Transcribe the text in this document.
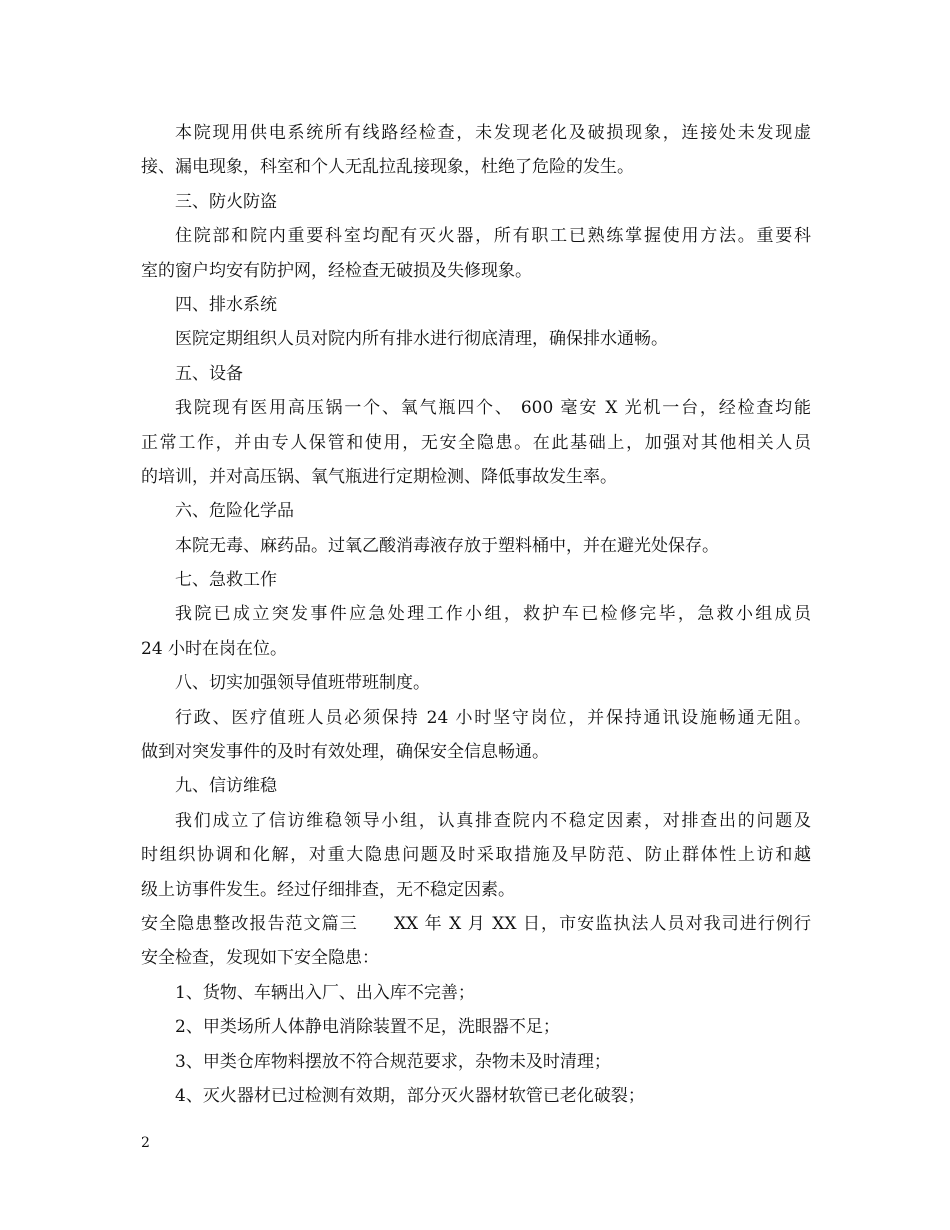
本院现用供电系统所有线路经检查，未发现老化及破损现象，连接处未发现虚
接、漏电现象，科室和个人无乱拉乱接现象，杜绝了危险的发生。
三、防火防盗
住院部和院内重要科室均配有灭火器，所有职工已熟练掌握使用方法。重要科
室的窗户均安有防护网，经检查无破损及失修现象。
四、排水系统
医院定期组织人员对院内所有排水进行彻底清理，确保排水通畅。
五、设备
我院现有医用高压锅一个、氧气瓶四个、 600 毫安 X 光机一台，经检查均能
正常工作，并由专人保管和使用，无安全隐患。在此基础上，加强对其他相关人员
的培训，并对高压锅、氧气瓶进行定期检测、降低事故发生率。
六、危险化学品
本院无毒、麻药品。过氧乙酸消毒液存放于塑料桶中，并在避光处保存。
七、急救工作
我院已成立突发事件应急处理工作小组，救护车已检修完毕，急救小组成员
24 小时在岗在位。
八、切实加强领导值班带班制度。
行政、医疗值班人员必须保持 24 小时坚守岗位，并保持通讯设施畅通无阻。
做到对突发事件的及时有效处理，确保安全信息畅通。
九、信访维稳
我们成立了信访维稳领导小组，认真排查院内不稳定因素，对排查出的问题及
时组织协调和化解，对重大隐患问题及时采取措施及早防范、防止群体性上访和越
级上访事件发生。经过仔细排查，无不稳定因素。
安全隐患整改报告范文篇三　　XX 年 X 月 XX 日，市安监执法人员对我司进行例行
安全检查，发现如下安全隐患：
1、货物、车辆出入厂、出入库不完善；
2、甲类场所人体静电消除装置不足，洗眼器不足；
3、甲类仓库物料摆放不符合规范要求，杂物未及时清理；
4、灭火器材已过检测有效期，部分灭火器材软管已老化破裂；
2
